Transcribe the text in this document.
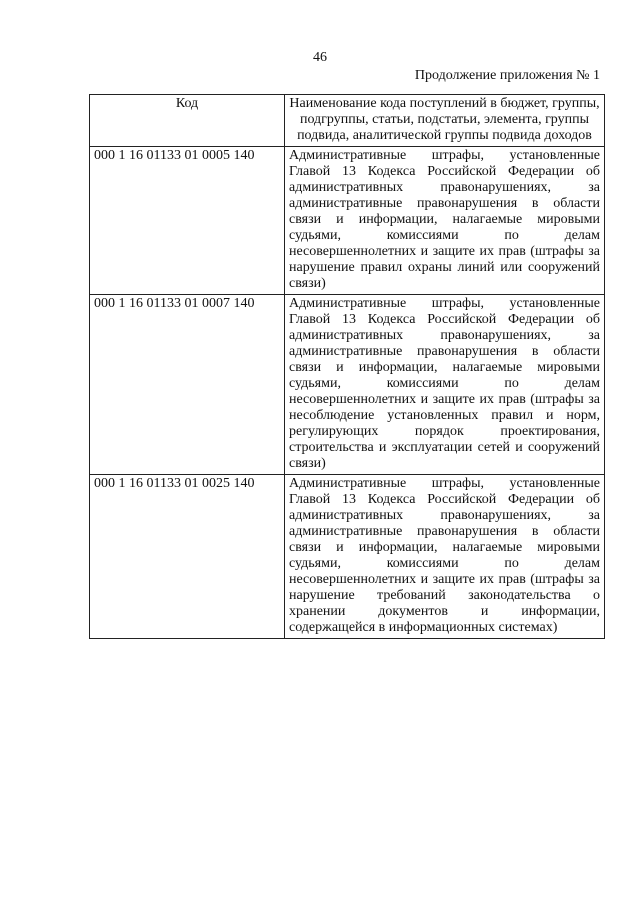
46
Продолжение приложения № 1
Код	Наименование кода поступлений в бюджет, группы, подгруппы, статьи, подстатьи, элемента, группы подвида, аналитической группы подвида доходов
000 1 16 01133 01 0005 140	Административные штрафы, установленные Главой 13 Кодекса Российской Федерации об административных правонарушениях, за административные правонарушения в области связи и информации, налагаемые мировыми судьями, комиссиями по делам несовершеннолетних и защите их прав (штрафы за нарушение правил охраны линий или сооружений связи)
000 1 16 01133 01 0007 140	Административные штрафы, установленные Главой 13 Кодекса Российской Федерации об административных правонарушениях, за административные правонарушения в области связи и информации, налагаемые мировыми судьями, комиссиями по делам несовершеннолетних и защите их прав (штрафы за несоблюдение установленных правил и норм, регулирующих порядок проектирования, строительства и эксплуатации сетей и сооружений связи)
000 1 16 01133 01 0025 140	Административные штрафы, установленные Главой 13 Кодекса Российской Федерации об административных правонарушениях, за административные правонарушения в области связи и информации, налагаемые мировыми судьями, комиссиями по делам несовершеннолетних и защите их прав (штрафы за нарушение требований законодательства о хранении документов и информации, содержащейся в информационных системах)
